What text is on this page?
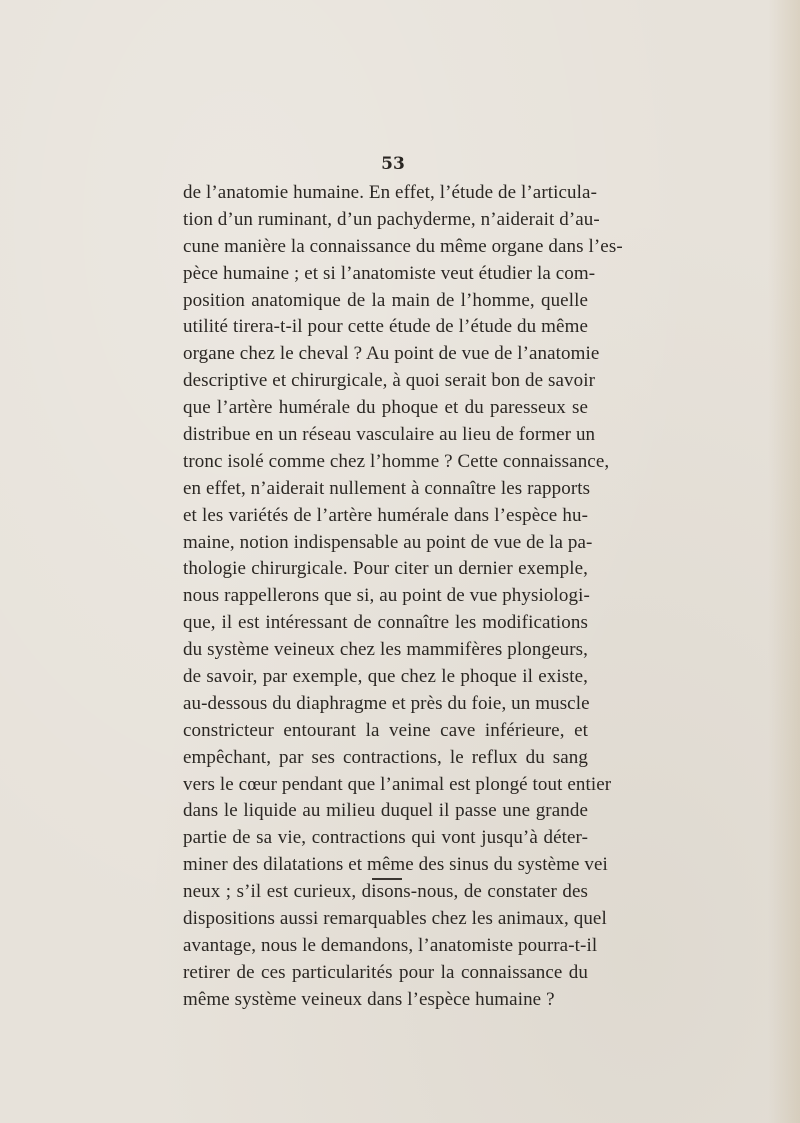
53
de l’anatomie humaine. En effet, l’étude de l’articula-
tion d’un ruminant, d’un pachyderme, n’aiderait d’au-
cune manière la connaissance du même organe dans l’es-
pèce humaine ; et si l’anatomiste veut étudier la com-
position anatomique de la main de l’homme, quelle
utilité tirera-t-il pour cette étude de l’étude du même
organe chez le cheval ? Au point de vue de l’anatomie
descriptive et chirurgicale, à quoi serait bon de savoir
que l’artère humérale du phoque et du paresseux se
distribue en un réseau vasculaire au lieu de former un
tronc isolé comme chez l’homme ? Cette connaissance,
en effet, n’aiderait nullement à connaître les rapports
et les variétés de l’artère humérale dans l’espèce hu-
maine, notion indispensable au point de vue de la pa-
thologie chirurgicale. Pour citer un dernier exemple,
nous rappellerons que si, au point de vue physiologi-
que, il est intéressant de connaître les modifications
du système veineux chez les mammifères plongeurs,
de savoir, par exemple, que chez le phoque il existe,
au-dessous du diaphragme et près du foie, un muscle
constricteur entourant la veine cave inférieure, et
empêchant, par ses contractions, le reflux du sang
vers le cœur pendant que l’animal est plongé tout entier
dans le liquide au milieu duquel il passe une grande
partie de sa vie, contractions qui vont jusqu’à déter-
miner des dilatations et même des sinus du système vei
neux ; s’il est curieux, disons-nous, de constater des
dispositions aussi remarquables chez les animaux, quel
avantage, nous le demandons, l’anatomiste pourra-t-il
retirer de ces particularités pour la connaissance du
même système veineux dans l’espèce humaine ?
